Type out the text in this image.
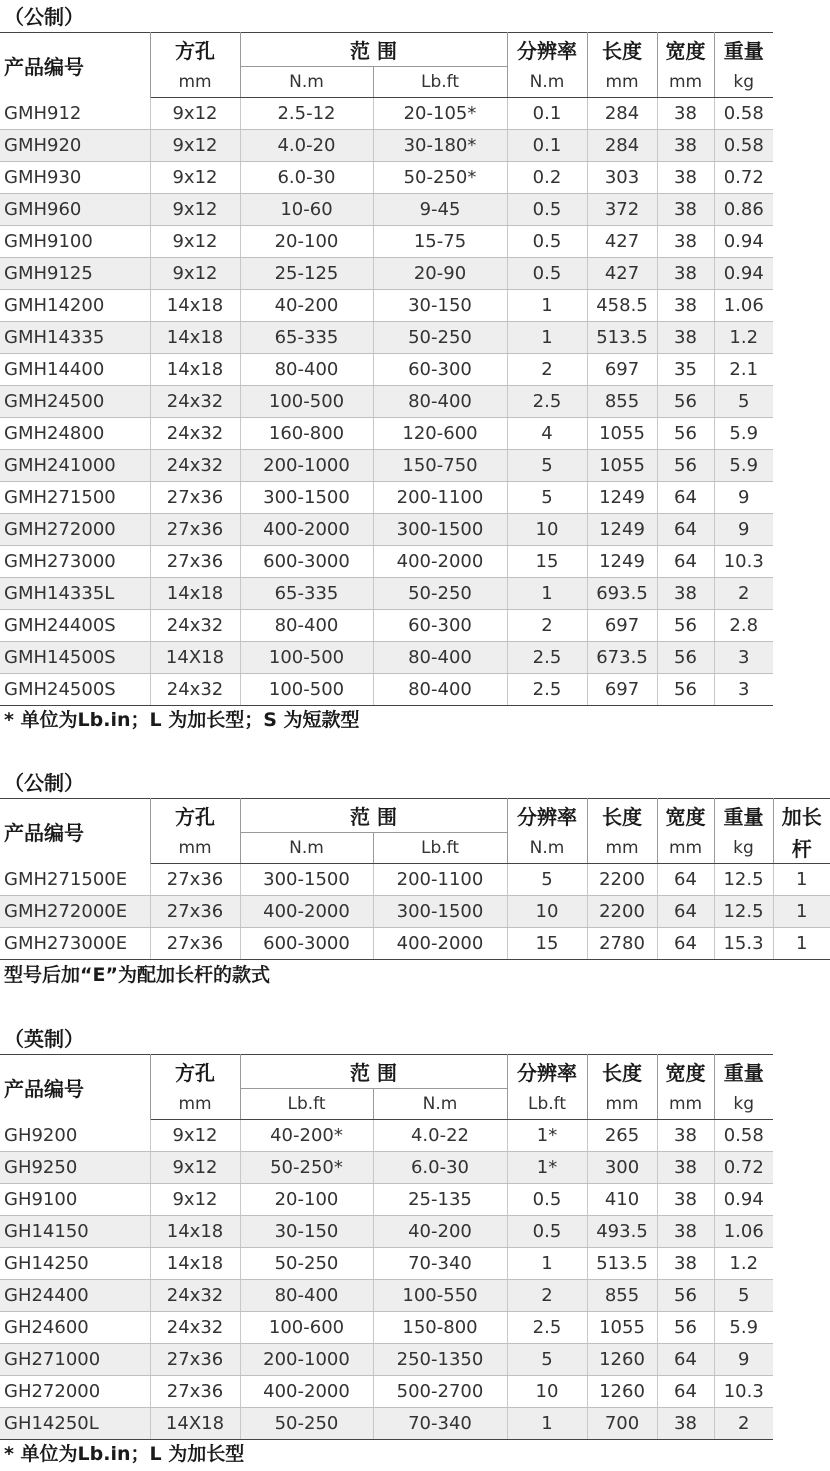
（公制）
产品编号	方孔	范 围		分辨率	长度	宽度	重量
	mm	N.m	Lb.ft	N.m	mm	mm	kg
GMH912	9x12	2.5-12	20-105*	0.1	284	38	0.58
GMH920	9x12	4.0-20	30-180*	0.1	284	38	0.58
GMH930	9x12	6.0-30	50-250*	0.2	303	38	0.72
GMH960	9x12	10-60	9-45	0.5	372	38	0.86
GMH9100	9x12	20-100	15-75	0.5	427	38	0.94
GMH9125	9x12	25-125	20-90	0.5	427	38	0.94
GMH14200	14x18	40-200	30-150	1	458.5	38	1.06
GMH14335	14x18	65-335	50-250	1	513.5	38	1.2
GMH14400	14x18	80-400	60-300	2	697	35	2.1
GMH24500	24x32	100-500	80-400	2.5	855	56	5
GMH24800	24x32	160-800	120-600	4	1055	56	5.9
GMH241000	24x32	200-1000	150-750	5	1055	56	5.9
GMH271500	27x36	300-1500	200-1100	5	1249	64	9
GMH272000	27x36	400-2000	300-1500	10	1249	64	9
GMH273000	27x36	600-3000	400-2000	15	1249	64	10.3
GMH14335L	14x18	65-335	50-250	1	693.5	38	2
GMH24400S	24x32	80-400	60-300	2	697	56	2.8
GMH14500S	14X18	100-500	80-400	2.5	673.5	56	3
GMH24500S	24x32	100-500	80-400	2.5	697	56	3
* 单位为Lb.in；L 为加长型；S 为短款型
（公制）
产品编号	方孔	范 围		分辨率	长度	宽度	重量	加长
	mm	N.m	Lb.ft	N.m	mm	mm	kg	杆
GMH271500E	27x36	300-1500	200-1100	5	2200	64	12.5	1
GMH272000E	27x36	400-2000	300-1500	10	2200	64	12.5	1
GMH273000E	27x36	600-3000	400-2000	15	2780	64	15.3	1
型号后加“E”为配加长杆的款式
（英制）
产品编号	方孔	范 围		分辨率	长度	宽度	重量
	mm	Lb.ft	N.m	Lb.ft	mm	mm	kg
GH9200	9x12	40-200*	4.0-22	1*	265	38	0.58
GH9250	9x12	50-250*	6.0-30	1*	300	38	0.72
GH9100	9x12	20-100	25-135	0.5	410	38	0.94
GH14150	14x18	30-150	40-200	0.5	493.5	38	1.06
GH14250	14x18	50-250	70-340	1	513.5	38	1.2
GH24400	24x32	80-400	100-550	2	855	56	5
GH24600	24x32	100-600	150-800	2.5	1055	56	5.9
GH271000	27x36	200-1000	250-1350	5	1260	64	9
GH272000	27x36	400-2000	500-2700	10	1260	64	10.3
GH14250L	14X18	50-250	70-340	1	700	38	2
* 单位为Lb.in；L 为加长型
